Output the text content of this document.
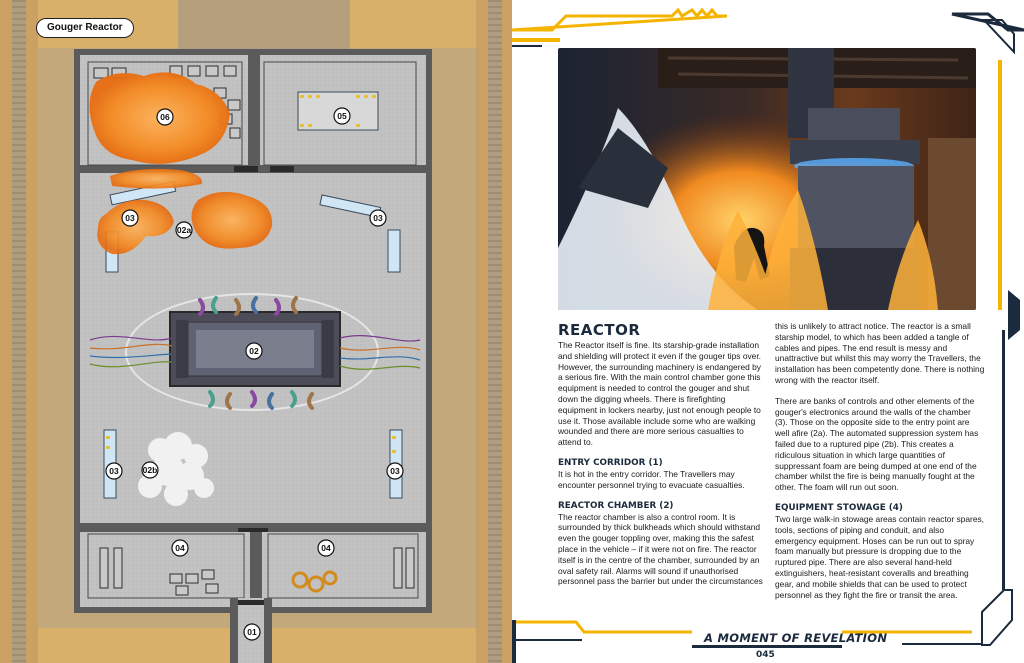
06	05
03
02a
03
02
03	02b	03
04	04
01
Gouger Reactor
REACTOR

The Reactor itself is fine. Its starship-grade installation and shielding will protect it even if the gouger tips over. However, the surrounding machinery is endangered by a serious fire. With the main control chamber gone this equipment is needed to control the gouger and shut down the digging wheels. There is firefighting equipment in lockers nearby, just not enough people to use it. Those available include some who are walking wounded and there are more serious casualties to attend to.

ENTRY CORRIDOR (1)

It is hot in the entry corridor. The Travellers may encounter personnel trying to evacuate casualties.

REACTOR CHAMBER (2)

The reactor chamber is also a control room. It is surrounded by thick bulkheads which should withstand even the gouger toppling over, making this the safest place in the vehicle – if it were not on fire. The reactor itself is in the centre of the chamber, surrounded by an oval safety rail. Alarms will sound if unauthorised personnel pass the barrier but under the circumstances

this is unlikely to attract notice. The reactor is a small starship model, to which has been added a tangle of cables and pipes. The end result is messy and unattractive but whilst this may worry the Travellers, the installation has been competently done. There is nothing wrong with the reactor itself.

There are banks of controls and other elements of the gouger's electronics around the walls of the chamber (3). Those on the opposite side to the entry point are well afire (2a). The automated suppression system has failed due to a ruptured pipe (2b). This creates a ridiculous situation in which large quantities of suppressant foam are being dumped at one end of the chamber whilst the fire is being manually fought at the other. The foam will run out soon.

EQUIPMENT STOWAGE (4)

Two large walk-in stowage areas contain reactor spares, tools, sections of piping and conduit, and also emergency equipment. Hoses can be run out to spray foam manually but pressure is dropping due to the ruptured pipe. There are also several hand-held extinguishers, heat-resistant coveralls and breathing gear, and mobile shields that can be used to protect personnel as they fight the fire or transit the area.

A MOMENT OF REVELATION
045
